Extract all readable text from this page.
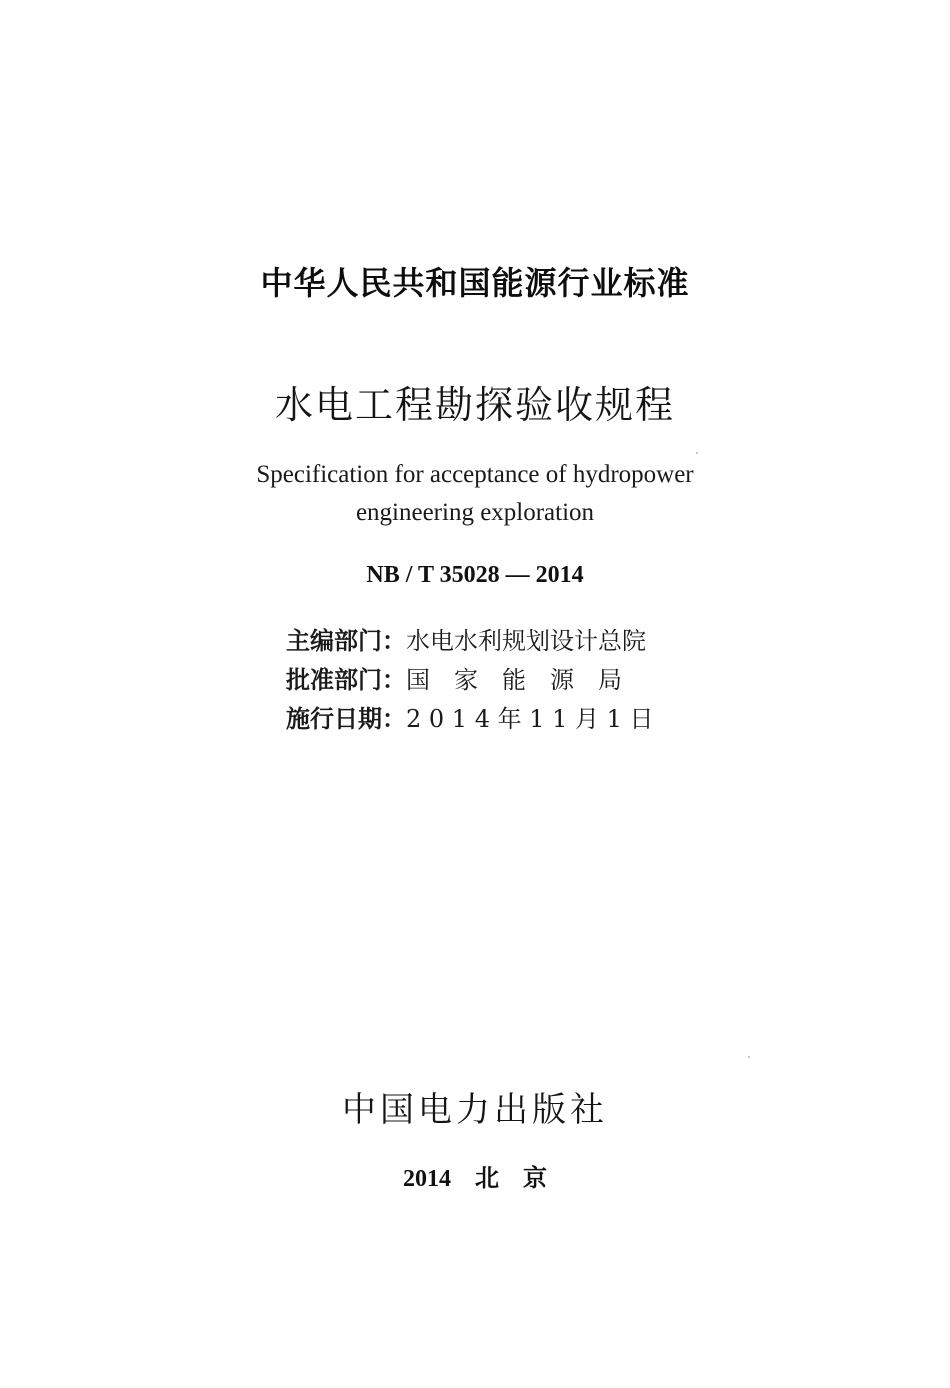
中华人民共和国能源行业标准
水电工程勘探验收规程
Specification for acceptance of hydropower
engineering exploration
NB / T 35028 — 2014
主编部门：水电水利规划设计总院
批准部门：国　家　能　源　局
施行日期：2 0 1 4 年 1 1 月 1 日
中国电力出版社
2014　北　京
